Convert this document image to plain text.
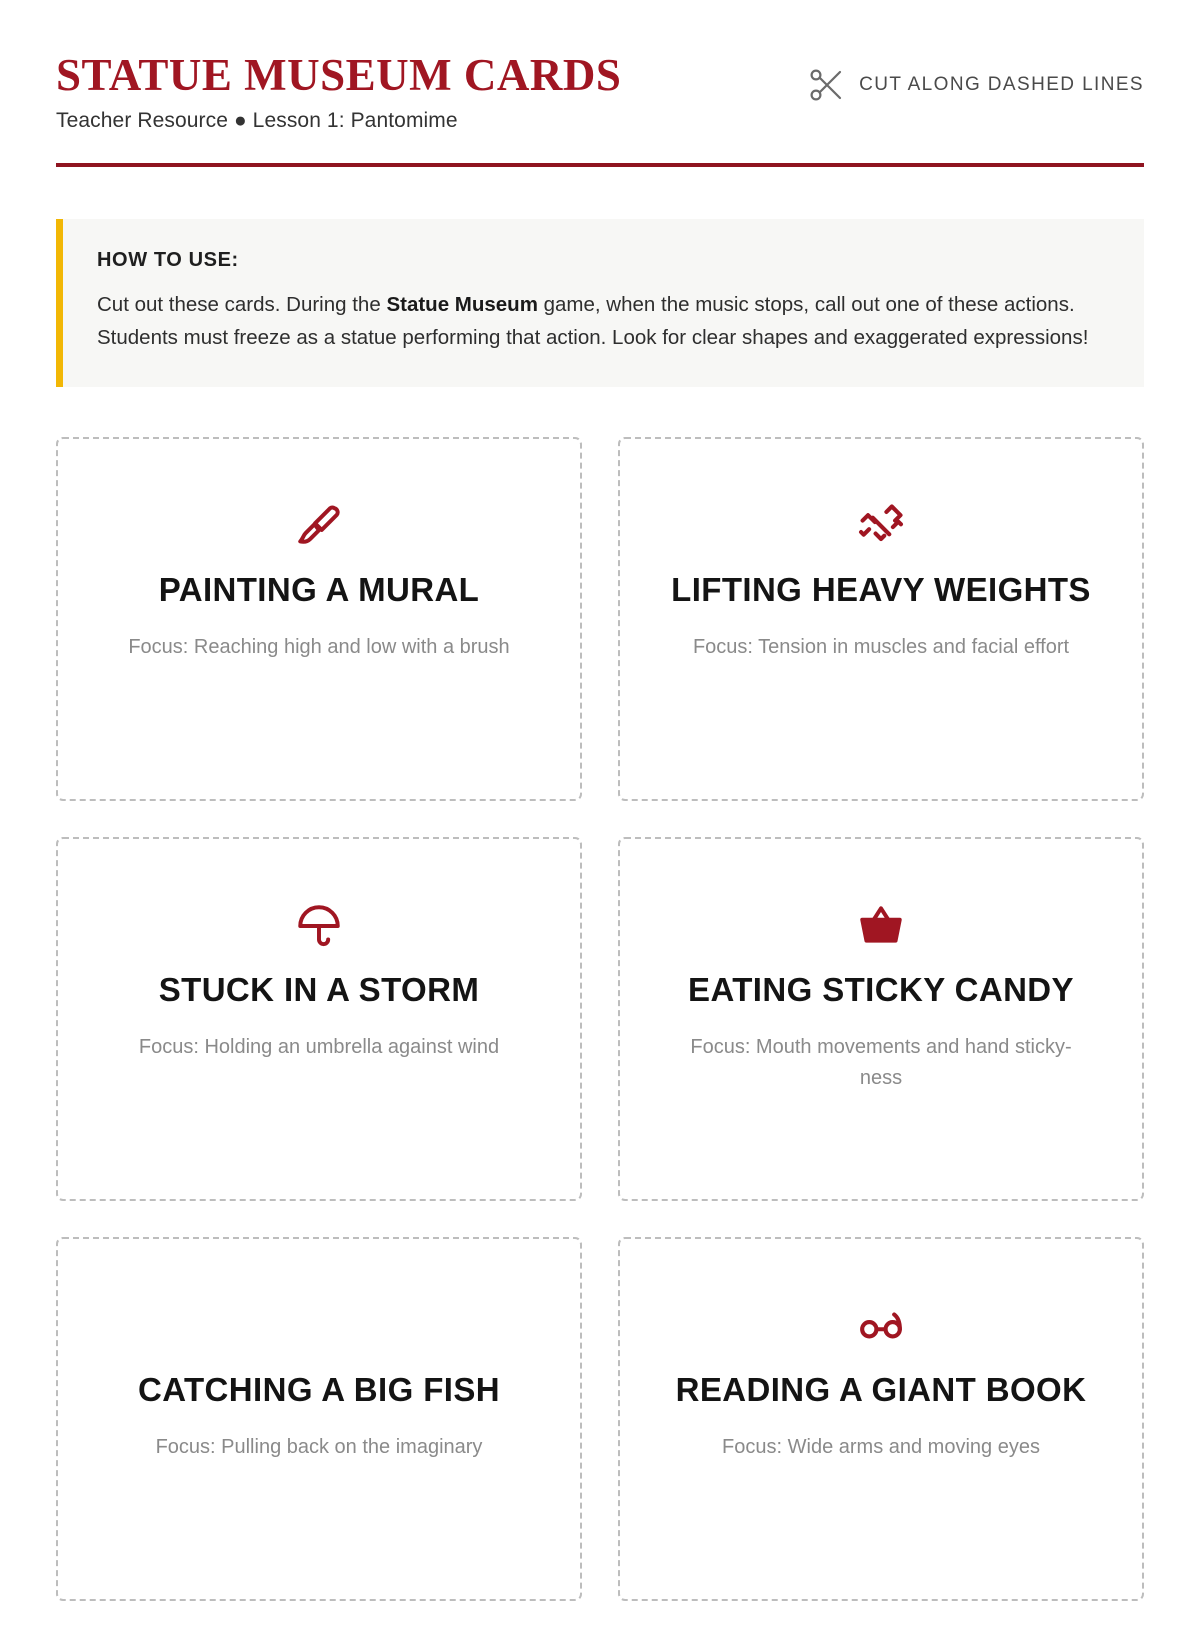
STATUE MUSEUM CARDS
Teacher Resource ● Lesson 1: Pantomime
CUT ALONG DASHED LINES
HOW TO USE:
Cut out these cards. During the Statue Museum game, when the music stops, call out one of these actions. Students must freeze as a statue performing that action. Look for clear shapes and exaggerated expressions!
PAINTING A MURAL
Focus: Reaching high and low with a brush
LIFTING HEAVY WEIGHTS
Focus: Tension in muscles and facial effort
STUCK IN A STORM
Focus: Holding an umbrella against wind
EATING STICKY CANDY
Focus: Mouth movements and hand sticky-ness
CATCHING A BIG FISH
Focus: Pulling back on the imaginary
READING A GIANT BOOK
Focus: Wide arms and moving eyes
